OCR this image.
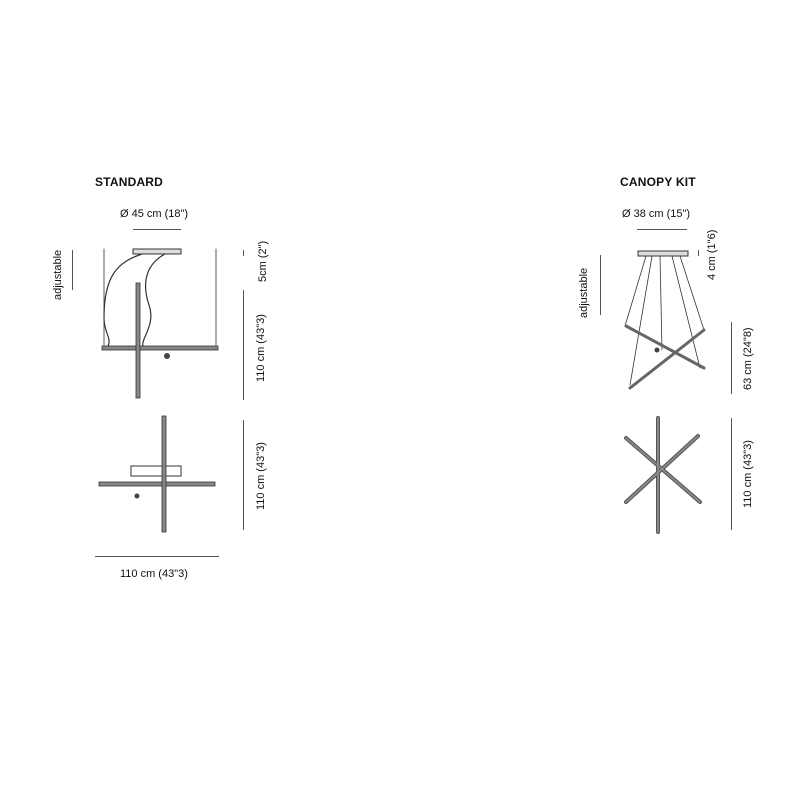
STANDARD
Ø 45 cm (18")
adjustable	5cm (2")
110 cm (43"3)
110 cm (43"3)
110 cm (43"3)
CANOPY KIT
Ø 38 cm (15")
adjustable
4 cm (1"6)
63 cm (24"8)
110 cm (43"3)
